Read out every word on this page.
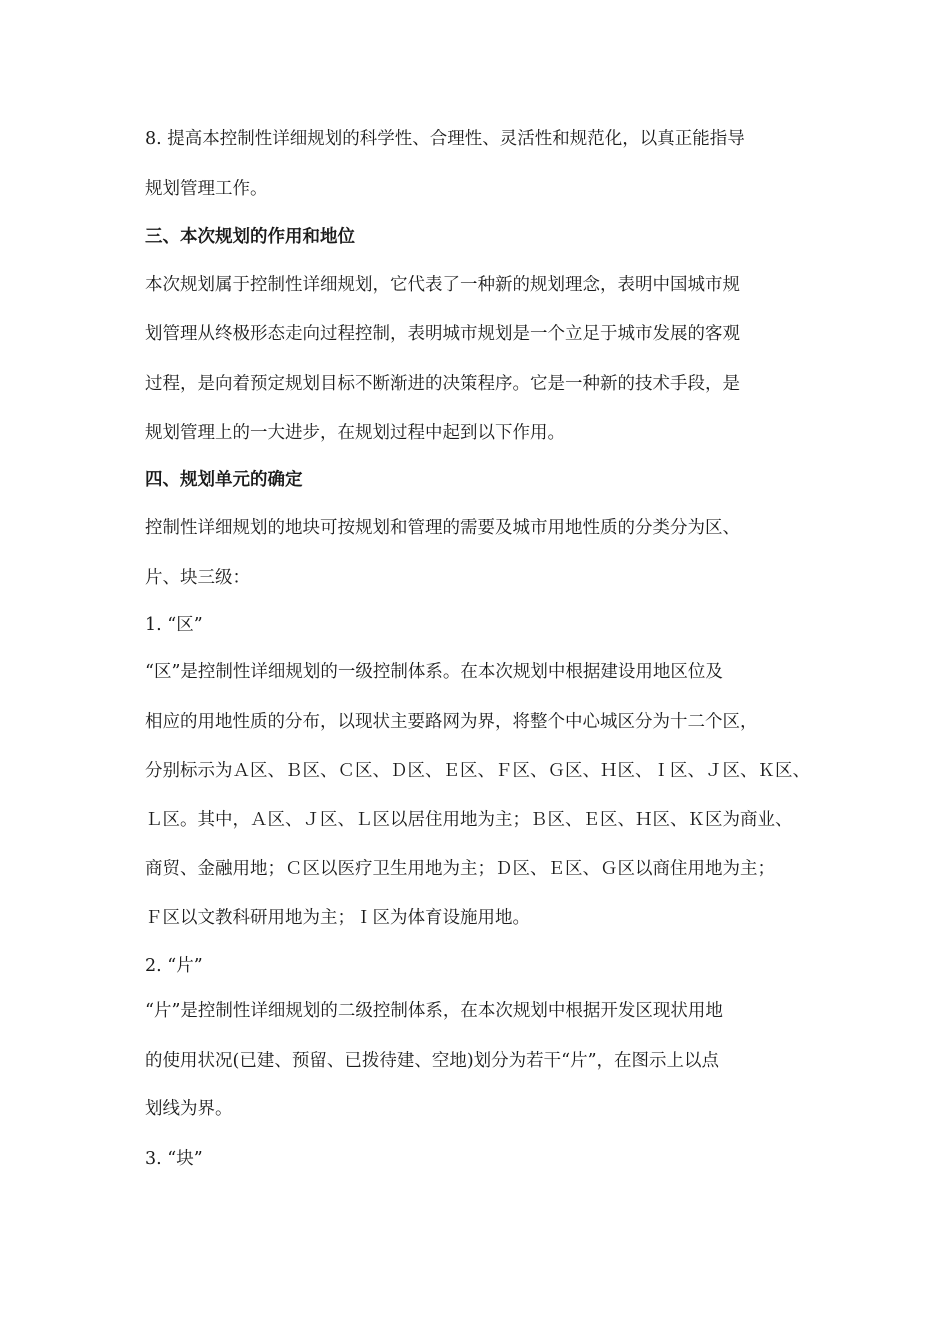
8. 提高本控制性详细规划的科学性、合理性、灵活性和规范化，以真正能指导
规划管理工作。
三、本次规划的作用和地位
本次规划属于控制性详细规划，它代表了一种新的规划理念，表明中国城市规
划管理从终极形态走向过程控制，表明城市规划是一个立足于城市发展的客观
过程，是向着预定规划目标不断渐进的决策程序。它是一种新的技术手段，是
规划管理上的一大进步，在规划过程中起到以下作用。
四、规划单元的确定
控制性详细规划的地块可按规划和管理的需要及城市用地性质的分类分为区、
片、块三级：
1. “区”
“区”是控制性详细规划的一级控制体系。在本次规划中根据建设用地区位及
相应的用地性质的分布，以现状主要路网为界，将整个中心城区分为十二个区，
分别标示为Ａ区、Ｂ区、Ｃ区、Ｄ区、Ｅ区、Ｆ区、Ｇ区、Ｈ区、Ｉ区、Ｊ区、Ｋ区、
Ｌ区。其中，Ａ区、Ｊ区、Ｌ区以居住用地为主；Ｂ区、Ｅ区、Ｈ区、Ｋ区为商业、
商贸、金融用地；Ｃ区以医疗卫生用地为主；Ｄ区、Ｅ区、Ｇ区以商住用地为主；
Ｆ区以文教科研用地为主；Ｉ区为体育设施用地。
2. “片”
“片”是控制性详细规划的二级控制体系，在本次规划中根据开发区现状用地
的使用状况(已建、预留、已拨待建、空地)划分为若干“片”，在图示上以点
划线为界。
3. “块”
